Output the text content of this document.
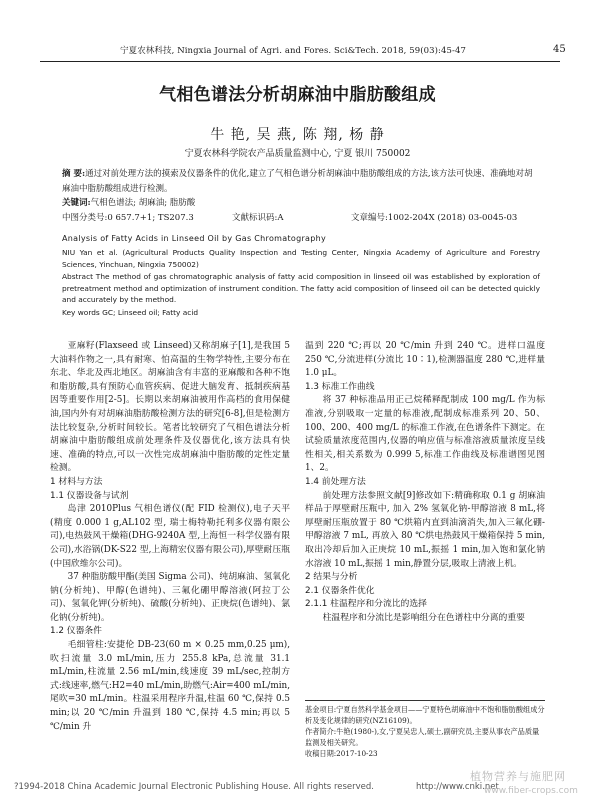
宁夏农林科技, Ningxia Journal of Agri. and Fores. Sci&Tech. 2018, 59(03):45-47	45
气相色谱法分析胡麻油中脂肪酸组成
牛 艳, 吴 燕, 陈 翔, 杨 静
宁夏农林科学院农产品质量监测中心, 宁夏 银川 750002
摘 要:通过对前处理方法的摸索及仪器条件的优化,建立了气相色谱分析胡麻油中脂肪酸组成的方法,该方法可快速、准确地对胡麻油中脂肪酸组成进行检测。
关键词:气相色谱法; 胡麻油; 脂肪酸
中图分类号:0 657.7+1; TS207.3	文献标识码:A	文章编号:1002-204X (2018) 03-0045-03
Analysis of Fatty Acids in Linseed Oil by Gas Chromatography
NIU Yan et al. (Agricultural Products Quality Inspection and Testing Center, Ningxia Academy of Agriculture and Forestry Sciences, Yinchuan, Ningxia 750002)
Abstract The method of gas chromatographic analysis of fatty acid composition in linseed oil was established by exploration of pretreatment method and optimization of instrument condition. The fatty acid composition of linseed oil can be detected quickly and accurately by the method.
Key words GC; Linseed oil; Fatty acid

亚麻籽(Flaxseed 或 Linseed)又称胡麻子[1],是我国 5 大油料作物之一,具有耐寒、怕高温的生物学特性,主要分布在东北、华北及西北地区。胡麻油含有丰富的亚麻酸和各种不饱和脂肪酸,具有预防心血管疾病、促进大脑发育、抵制疾病基因等重要作用[2-5]。长期以来胡麻油被用作高档的食用保健油,国内外有对胡麻油脂肪酸检测方法的研究[6-8],但是检测方法比较复杂,分析时间较长。笔者比较研究了气相色谱法分析胡麻油中脂肪酸组成前处理条件及仪器优化,该方法具有快速、准确的特点,可以一次性完成胡麻油中脂肪酸的定性定量检测。

1 材料与方法

1.1 仪器设备与试剂

岛津 2010Plus 气相色谱仪(配 FID 检测仪),电子天平(精度 0.000 1 g,AL102 型, 瑞士梅特勒托利多仪器有限公司),电热鼓风干燥箱(DHG-9240A 型,上海恒一科学仪器有限公司),水浴锅(DK-S22 型,上海精宏仪器有限公司),厚壁耐压瓶(中国欣维尔公司)。

37 种脂肪酸甲酯(美国 Sigma 公司)、纯胡麻油、氢氧化钠(分析纯)、甲醇(色谱纯)、三氟化硼甲醇溶液(阿拉丁公司)、氢氧化钾(分析纯)、硫酸(分析纯)、正庚烷(色谱纯)、氯化钠(分析纯)。

1.2 仪器条件

毛细管柱:安捷伦 DB-23(60 m × 0.25 mm,0.25 μm),吹扫流量 3.0 mL/min,压力 255.8 kPa,总流量 31.1 mL/min,柱流量 2.56 mL/min,线速度 39 mL/sec,控制方式:线速率,燃气:H2=40 mL/min,助燃气:Air=400 mL/min,尾吹=30 mL/min。柱温采用程序升温,柱温 60 ℃,保持 0.5 min;以 20 ℃/min 升温到 180 ℃,保持 4.5 min;再以 5 ℃/min 升

温到 220 ℃;再以 20 ℃/min 升到 240 ℃。进样口温度 250 ℃,分流进样(分流比 10∶1),检测器温度 280 ℃,进样量 1.0 μL。

1.3 标准工作曲线

将 37 种标准品用正己烷稀释配制成 100 mg/L 作为标准液,分别吸取一定量的标准液,配制成标准系列 20、50、100、200、400 mg/L 的标准工作液,在色谱条件下测定。在试验质量浓度范围内,仪器的响应值与标准溶液质量浓度呈线性相关,相关系数为 0.999 5,标准工作曲线及标准谱图见图 1、2。

1.4 前处理方法

前处理方法参照文献[9]修改如下:精确称取 0.1 g 胡麻油样品于厚壁耐压瓶中, 加入 2% 氢氧化钠-甲醇溶液 8 mL,将厚壁耐压瓶放置于 80 ℃烘箱内直到油滴消失,加入三氟化硼-甲醇溶液 7 mL, 再放入 80 ℃烘电热鼓风干燥箱保持 5 min,取出冷却后加入正庚烷 10 mL,振摇 1 min,加入饱和氯化钠水溶液 10 mL,振摇 1 min,静置分层,吸取上清液上机。

2 结果与分析

2.1 仪器条件优化

2.1.1 柱温程序和分流比的选择

柱温程序和分流比是影响组分在色谱柱中分离的重要

基金项目:宁夏自然科学基金项目——宁夏特色胡麻油中不饱和脂肪酸组成分析及变化规律的研究(NZ16109)。

作者简介:牛艳(1980-),女,宁夏吴忠人,硕士,副研究员,主要从事农产品质量监测及相关研究。

收稿日期:2017-10-23

?1994-2018 China Academic Journal Electronic Publishing House. All rights reserved.	http://www.cnki.net
植物营养与施肥网
www.fiber-crops.com
